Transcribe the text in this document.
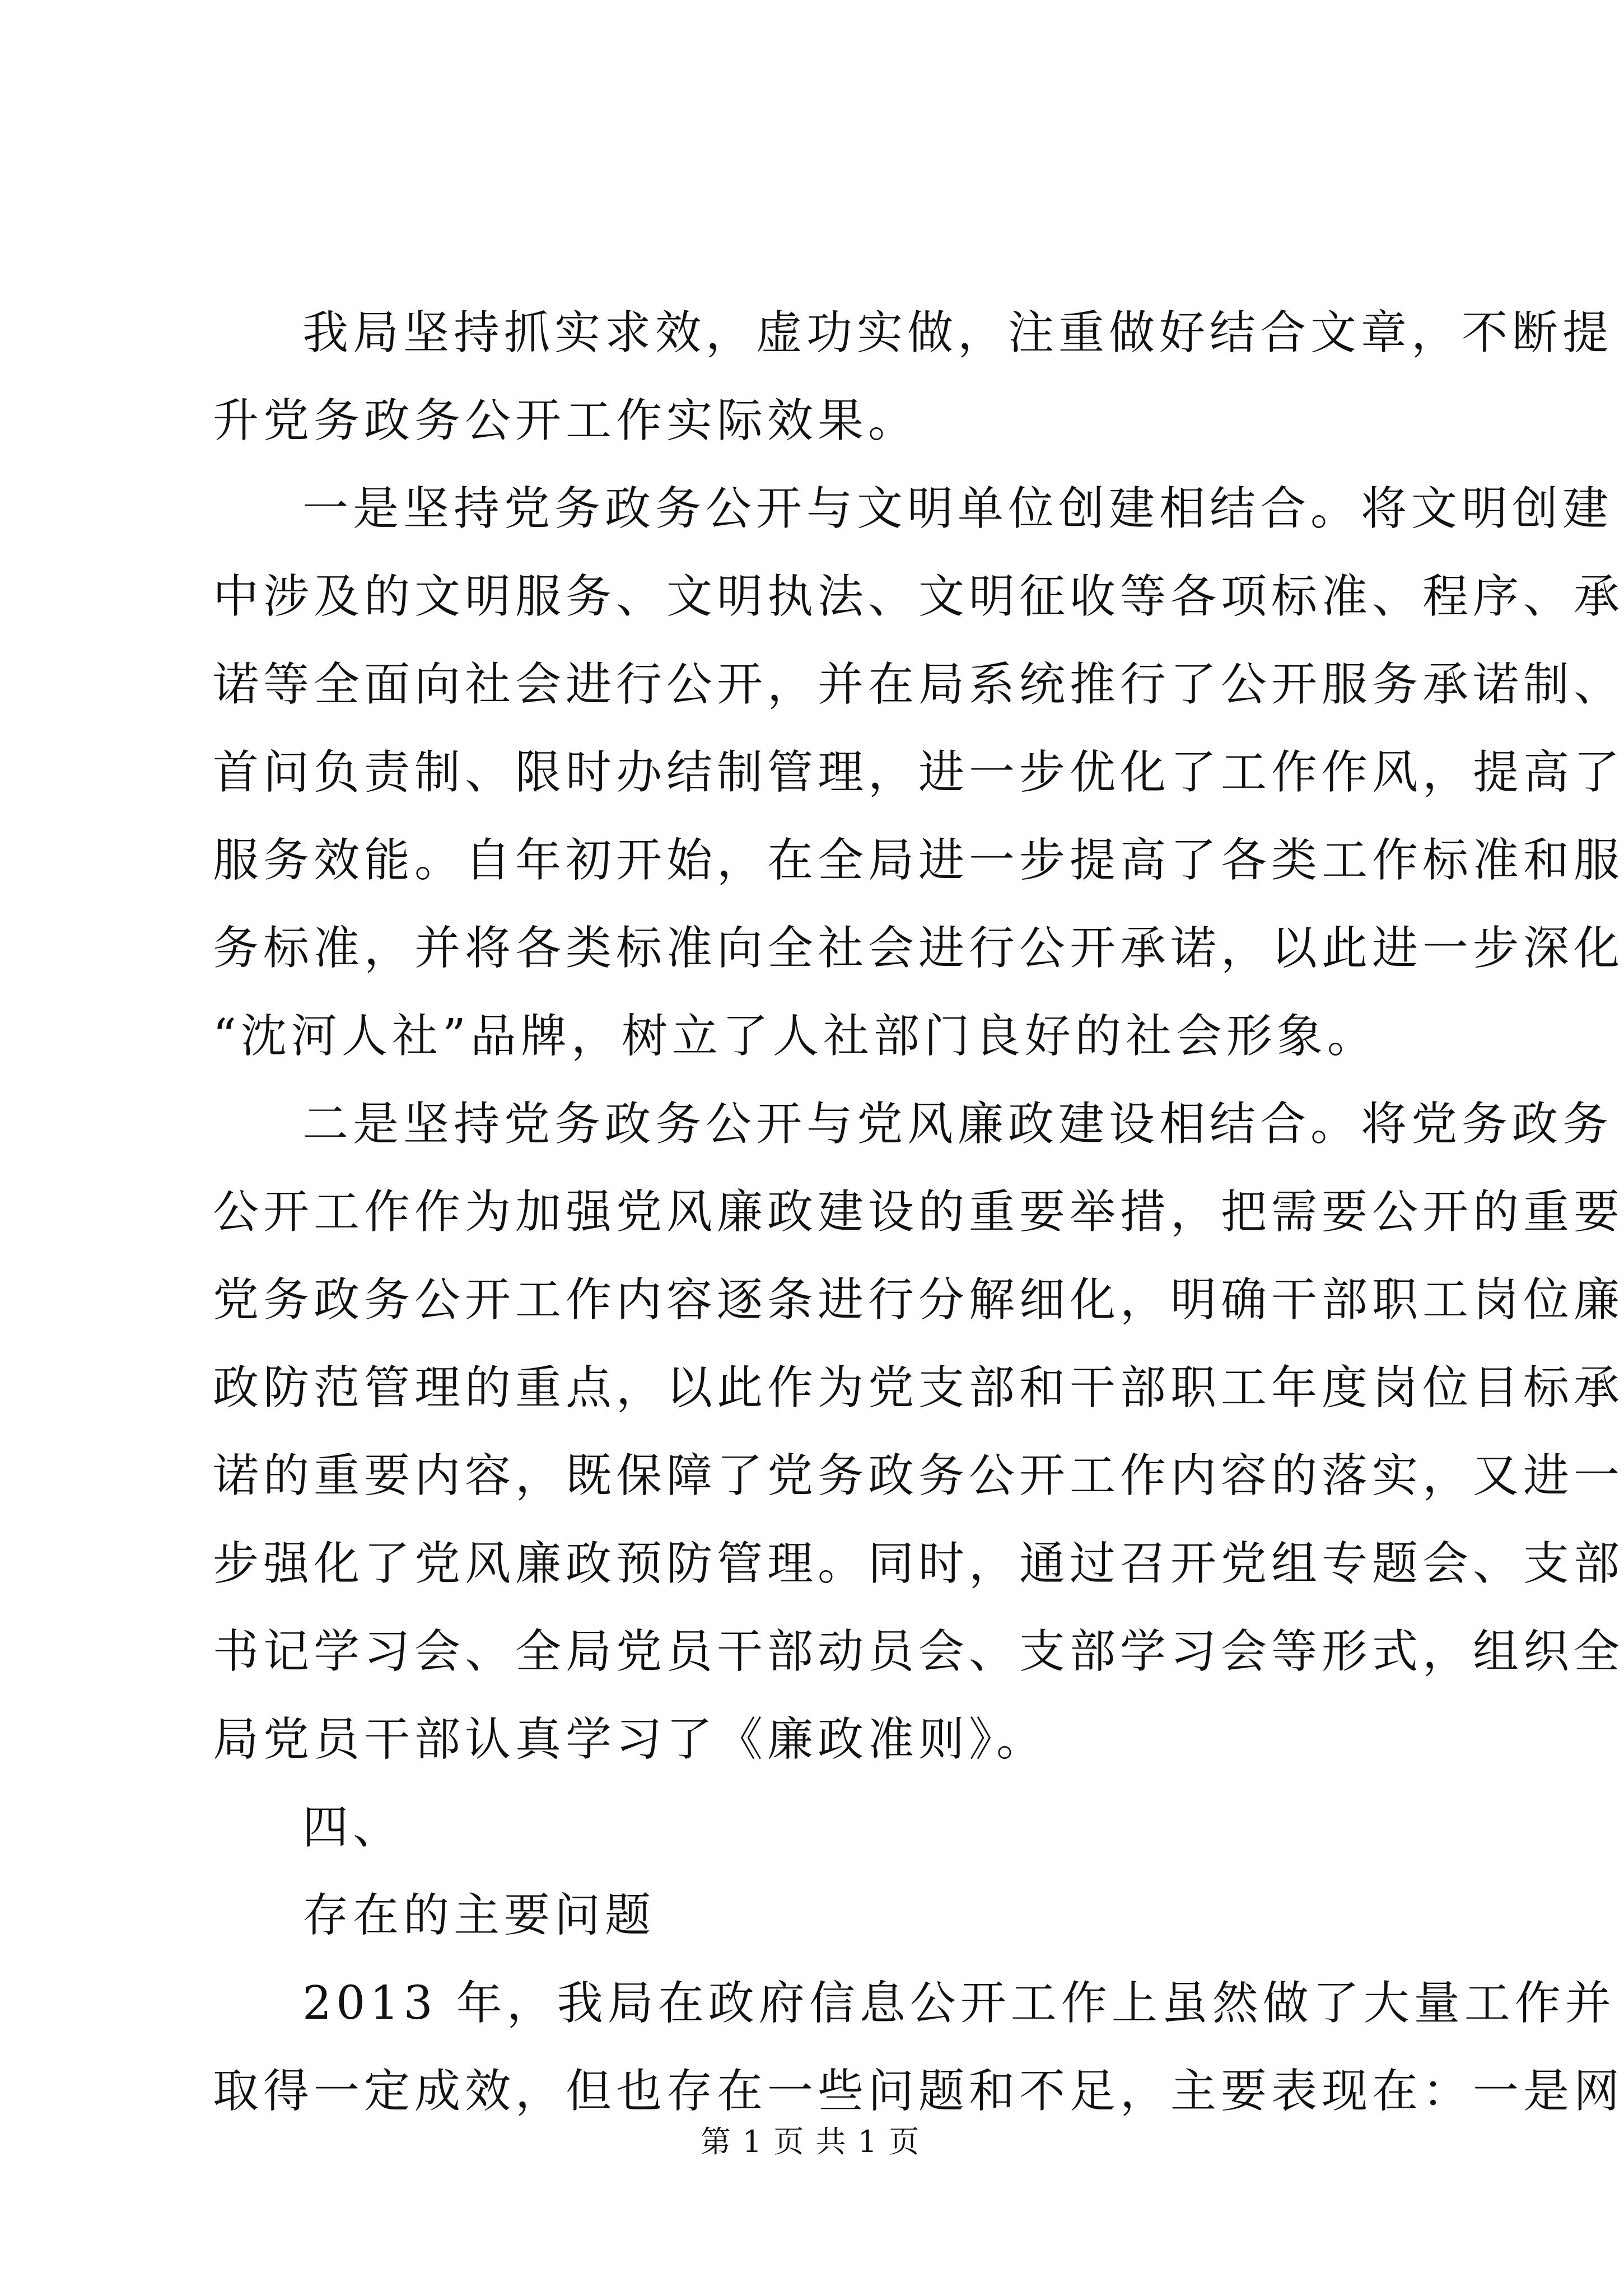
我局坚持抓实求效，虚功实做，注重做好结合文章，不断提
升党务政务公开工作实际效果。
一是坚持党务政务公开与文明单位创建相结合。将文明创建
中涉及的文明服务、文明执法、文明征收等各项标准、程序、承
诺等全面向社会进行公开，并在局系统推行了公开服务承诺制、
首问负责制、限时办结制管理，进一步优化了工作作风，提高了
服务效能。自年初开始，在全局进一步提高了各类工作标准和服
务标准，并将各类标准向全社会进行公开承诺，以此进一步深化
“沈河人社”品牌，树立了人社部门良好的社会形象。
二是坚持党务政务公开与党风廉政建设相结合。将党务政务
公开工作作为加强党风廉政建设的重要举措，把需要公开的重要
党务政务公开工作内容逐条进行分解细化，明确干部职工岗位廉
政防范管理的重点，以此作为党支部和干部职工年度岗位目标承
诺的重要内容，既保障了党务政务公开工作内容的落实，又进一
步强化了党风廉政预防管理。同时，通过召开党组专题会、支部
书记学习会、全局党员干部动员会、支部学习会等形式，组织全
局党员干部认真学习了《廉政准则》。
四、
存在的主要问题
2013 年，我局在政府信息公开工作上虽然做了大量工作并
取得一定成效，但也存在一些问题和不足，主要表现在：一是网
第 1 页 共 1 页
